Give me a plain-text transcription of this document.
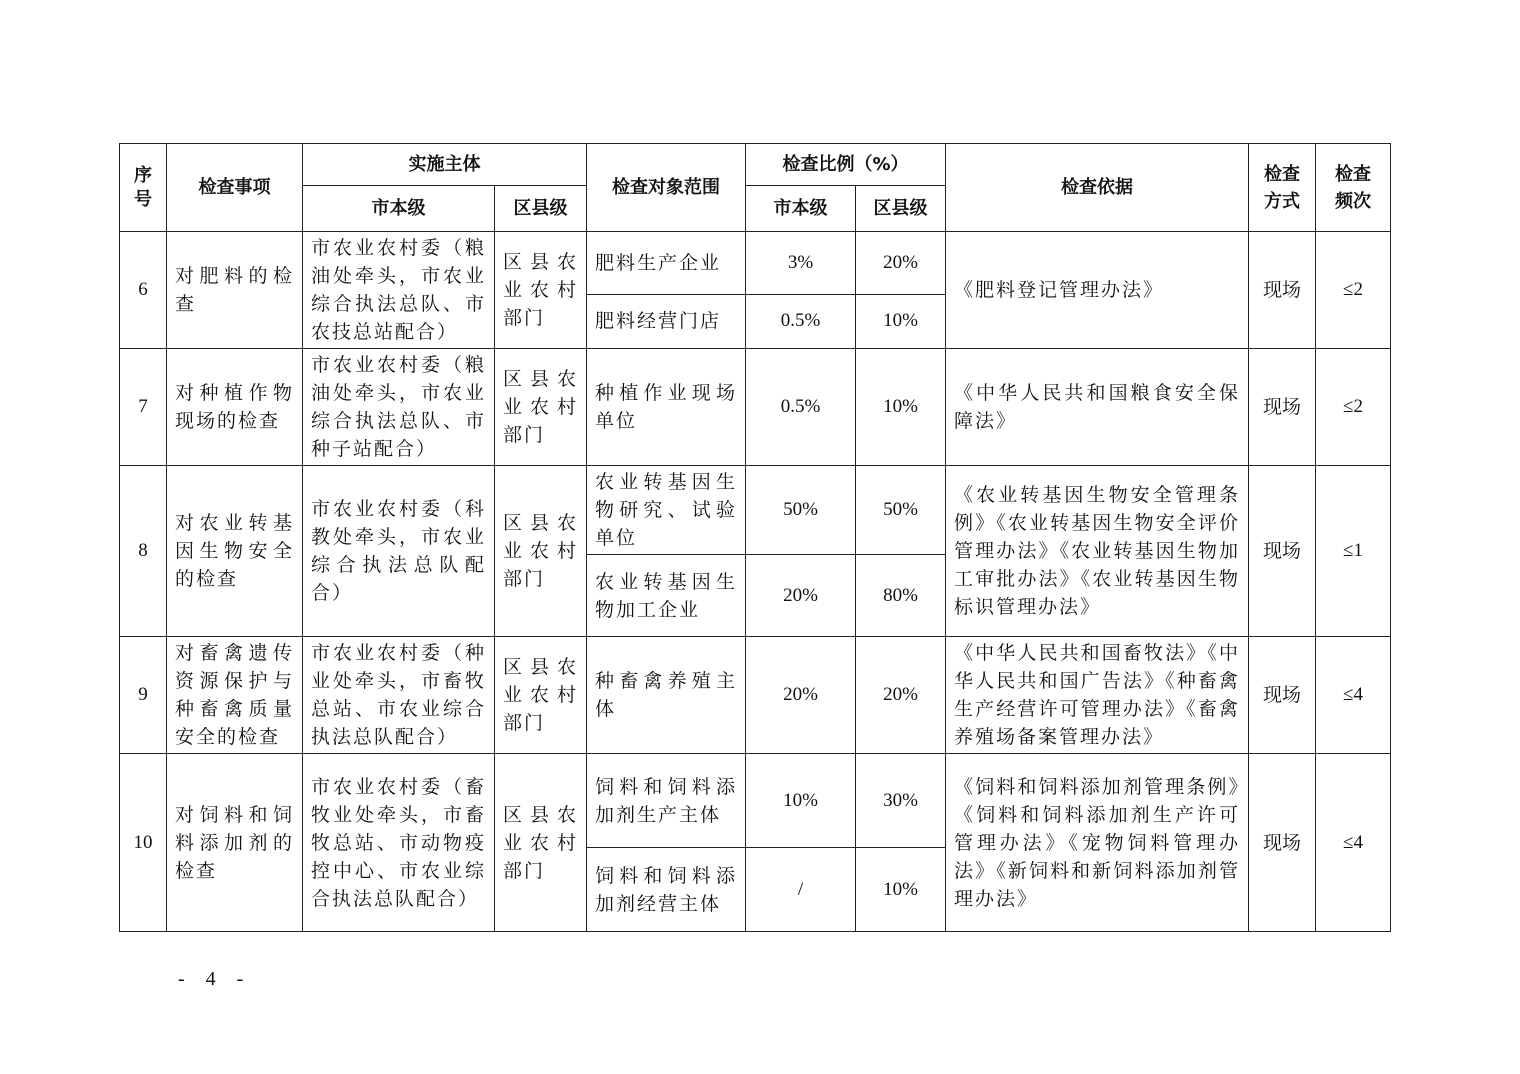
序号	检查事项	实施主体		检查对象范围	检查比例（%）		检查依据	检查方式	检查频次
		市本级	区县级		市本级	区县级			
6	对肥料的检查	市农业农村委（粮油处牵头，市农业综合执法总队、市农技总站配合）	区县农业农村部门	肥料生产企业	3%	20%	《肥料登记管理办法》	现场	≤2
				肥料经营门店	0.5%	10%			
7	对种植作物现场的检查	市农业农村委（粮油处牵头，市农业综合执法总队、市种子站配合）	区县农业农村部门	种植作业现场单位	0.5%	10%	《中华人民共和国粮食安全保障法》	现场	≤2
8	对农业转基因生物安全的检查	市农业农村委（科教处牵头，市农业综合执法总队配合）	区县农业农村部门	农业转基因生物研究、试验单位	50%	50%	《农业转基因生物安全管理条例》《农业转基因生物安全评价管理办法》《农业转基因生物加工审批办法》《农业转基因生物标识管理办法》	现场	≤1
				农业转基因生物加工企业	20%	80%			
9	对畜禽遗传资源保护与种畜禽质量安全的检查	市农业农村委（种业处牵头，市畜牧总站、市农业综合执法总队配合）	区县农业农村部门	种畜禽养殖主体	20%	20%	《中华人民共和国畜牧法》《中华人民共和国广告法》《种畜禽生产经营许可管理办法》《畜禽养殖场备案管理办法》	现场	≤4
10	对饲料和饲料添加剂的检查	市农业农村委（畜牧业处牵头，市畜牧总站、市动物疫控中心、市农业综合执法总队配合）	区县农业农村部门	饲料和饲料添加剂生产主体	10%	30%	《饲料和饲料添加剂管理条例》《饲料和饲料添加剂生产许可管理办法》《宠物饲料管理办法》《新饲料和新饲料添加剂管理办法》	现场	≤4
				饲料和饲料添加剂经营主体	/	10%			
- 4 -
